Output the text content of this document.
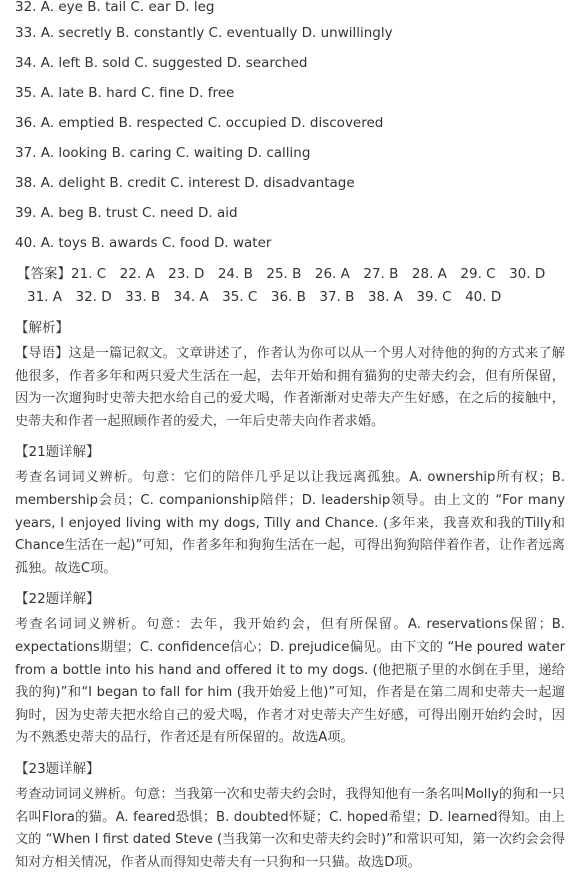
32. A. eye B. tail C. ear D. leg
33. A. secretly B. constantly C. eventually D. unwillingly
34. A. left B. sold C. suggested D. searched
35. A. late B. hard C. fine D. free
36. A. emptied B. respected C. occupied D. discovered
37. A. looking B. caring C. waiting D. calling
38. A. delight B. credit C. interest D. disadvantage
39. A. beg B. trust C. need D. aid
40. A. toys B. awards C. food D. water
【答案】21. C　22. A　23. D　24. B　25. B　26. A　27. B　28. A　29. C　30. D
31. A　32. D　33. B　34. A　35. C　36. B　37. B　38. A　39. C　40. D
【解析】
【导语】这是一篇记叙文。文章讲述了，作者认为你可以从一个男人对待他的狗的方式来了解他很多，作者多年和两只爱犬生活在一起，去年开始和拥有猫狗的史蒂夫约会，但有所保留，因为一次遛狗时史蒂夫把水给自己的爱犬喝，作者渐渐对史蒂夫产生好感，在之后的接触中，史蒂夫和作者一起照顾作者的爱犬，一年后史蒂夫向作者求婚。
【21题详解】
考查名词词义辨析。句意：它们的陪伴几乎足以让我远离孤独。A. ownership所有权；B. membership会员；C. companionship陪伴；D. leadership领导。由上文的 “For many years, I enjoyed living with my dogs, Tilly and Chance. (多年来，我喜欢和我的Tilly和Chance生活在一起)”可知，作者多年和狗狗生活在一起，可得出狗狗陪伴着作者，让作者远离孤独。故选C项。
【22题详解】
考查名词词义辨析。句意：去年，我开始约会，但有所保留。A. reservations保留；B. expectations期望；C. confidence信心；D. prejudice偏见。由下文的 “He poured water from a bottle into his hand and offered it to my dogs. (他把瓶子里的水倒在手里，递给我的狗)”和“I began to fall for him (我开始爱上他)”可知，作者是在第二周和史蒂夫一起遛狗时，因为史蒂夫把水给自己的爱犬喝，作者才对史蒂夫产生好感，可得出刚开始约会时，因为不熟悉史蒂夫的品行，作者还是有所保留的。故选A项。
【23题详解】
考查动词词义辨析。句意：当我第一次和史蒂夫约会时，我得知他有一条名叫Molly的狗和一只名叫Flora的猫。A. feared恐惧；B. doubted怀疑；C. hoped希望；D. learned得知。由上文的 “When I first dated Steve (当我第一次和史蒂夫约会时)”和常识可知，第一次约会会得知对方相关情况，作者从而得知史蒂夫有一只狗和一只猫。故选D项。
